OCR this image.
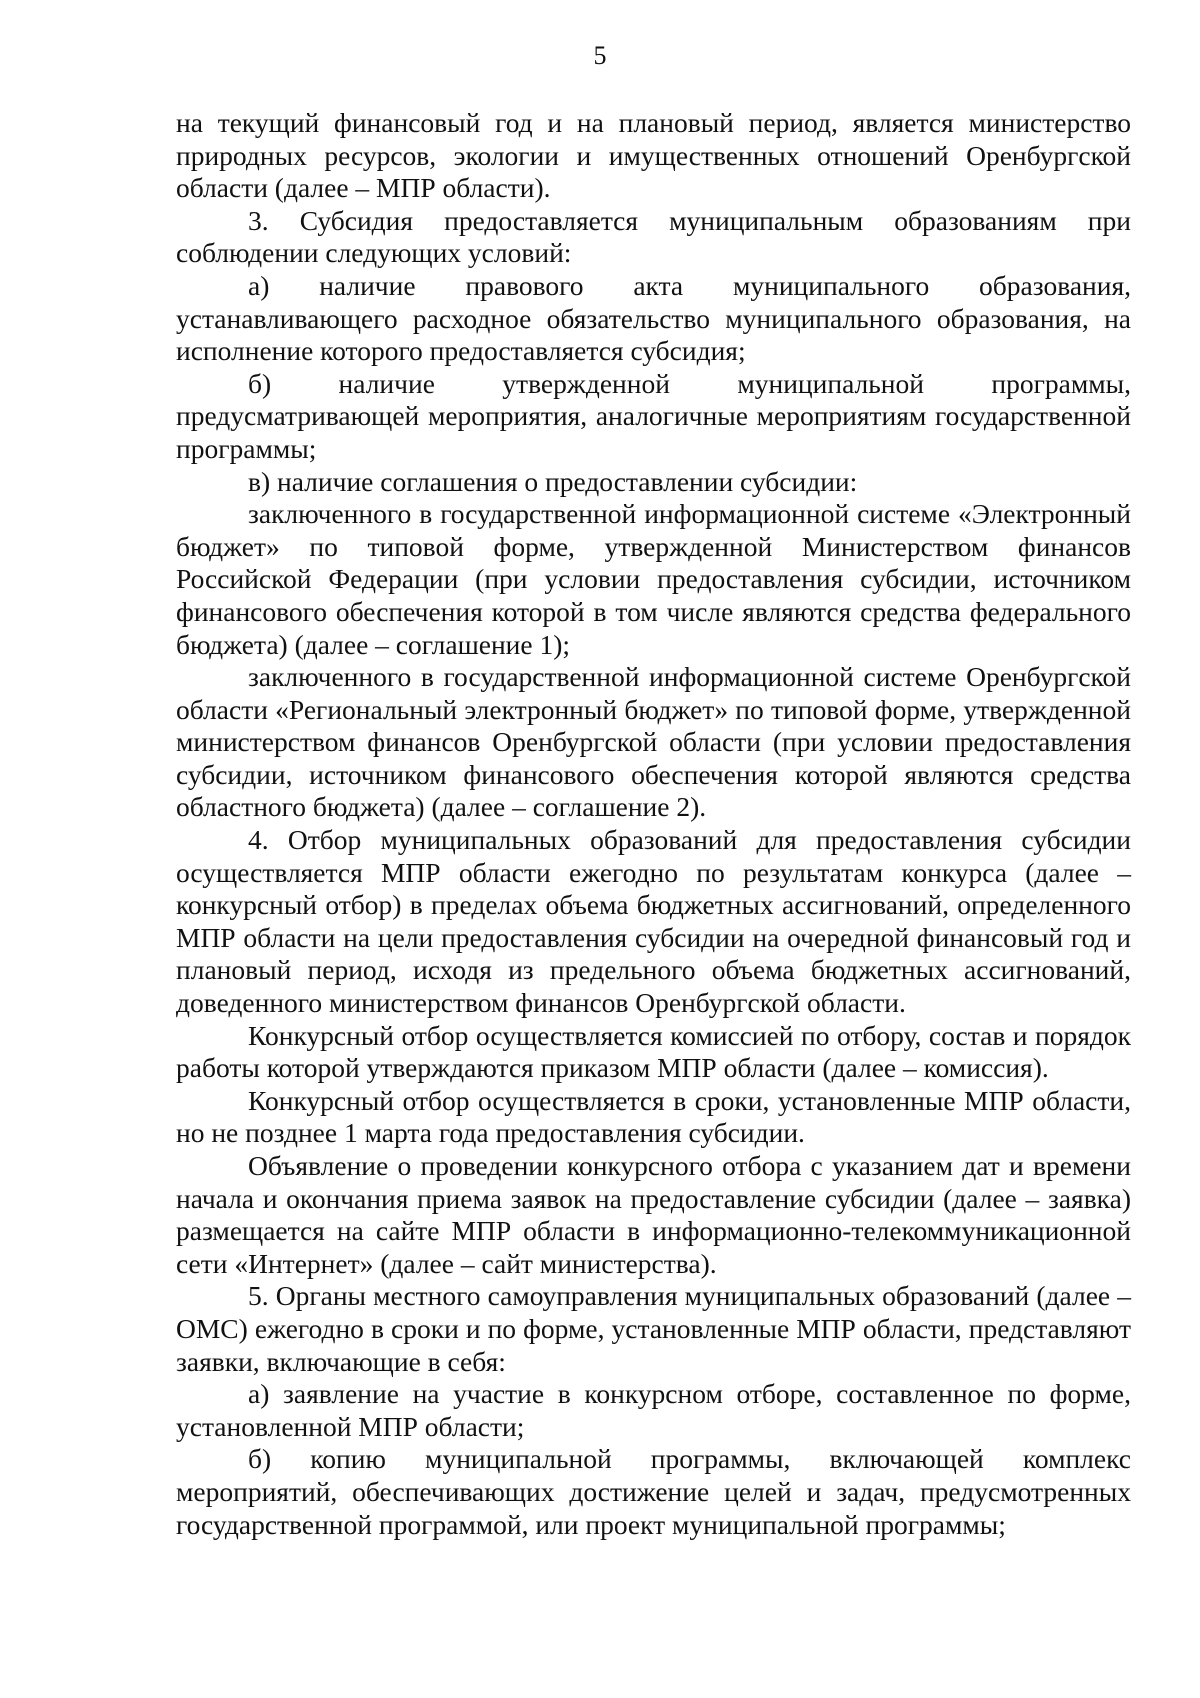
5

на текущий финансовый год и на плановый период, является министерство природных ресурсов, экологии и имущественных отношений Оренбургской области (далее – МПР области).

3. Субсидия предоставляется муниципальным образованиям при соблюдении следующих условий:

а) наличие правового акта муниципального образования, устанавливающего расходное обязательство муниципального образования, на исполнение которого предоставляется субсидия;

б) наличие утвержденной муниципальной программы, предусматривающей мероприятия, аналогичные мероприятиям государственной программы;

в) наличие соглашения о предоставлении субсидии:

заключенного в государственной информационной системе «Электронный бюджет» по типовой форме, утвержденной Министерством финансов Российской Федерации (при условии предоставления субсидии, источником финансового обеспечения которой в том числе являются средства федерального бюджета) (далее – соглашение 1);

заключенного в государственной информационной системе Оренбургской области «Региональный электронный бюджет» по типовой форме, утвержденной министерством финансов Оренбургской области (при условии предоставления субсидии, источником финансового обеспечения которой являются средства областного бюджета) (далее – соглашение 2).

4. Отбор муниципальных образований для предоставления субсидии осуществляется МПР области ежегодно по результатам конкурса (далее – конкурсный отбор) в пределах объема бюджетных ассигнований, определенного МПР области на цели предоставления субсидии на очередной финансовый год и плановый период, исходя из предельного объема бюджетных ассигнований, доведенного министерством финансов Оренбургской области.

Конкурсный отбор осуществляется комиссией по отбору, состав и порядок работы которой утверждаются приказом МПР области (далее – комиссия).

Конкурсный отбор осуществляется в сроки, установленные МПР области, но не позднее 1 марта года предоставления субсидии.

Объявление о проведении конкурсного отбора с указанием дат и времени начала и окончания приема заявок на предоставление субсидии (далее – заявка) размещается на сайте МПР области в информационно-телекоммуникационной сети «Интернет» (далее – сайт министерства).

5. Органы местного самоуправления муниципальных образований (далее – ОМС) ежегодно в сроки и по форме, установленные МПР области, представляют заявки, включающие в себя:

а) заявление на участие в конкурсном отборе, составленное по форме, установленной МПР области;

б) копию муниципальной программы, включающей комплекс мероприятий, обеспечивающих достижение целей и задач, предусмотренных государственной программой, или проект муниципальной программы;
